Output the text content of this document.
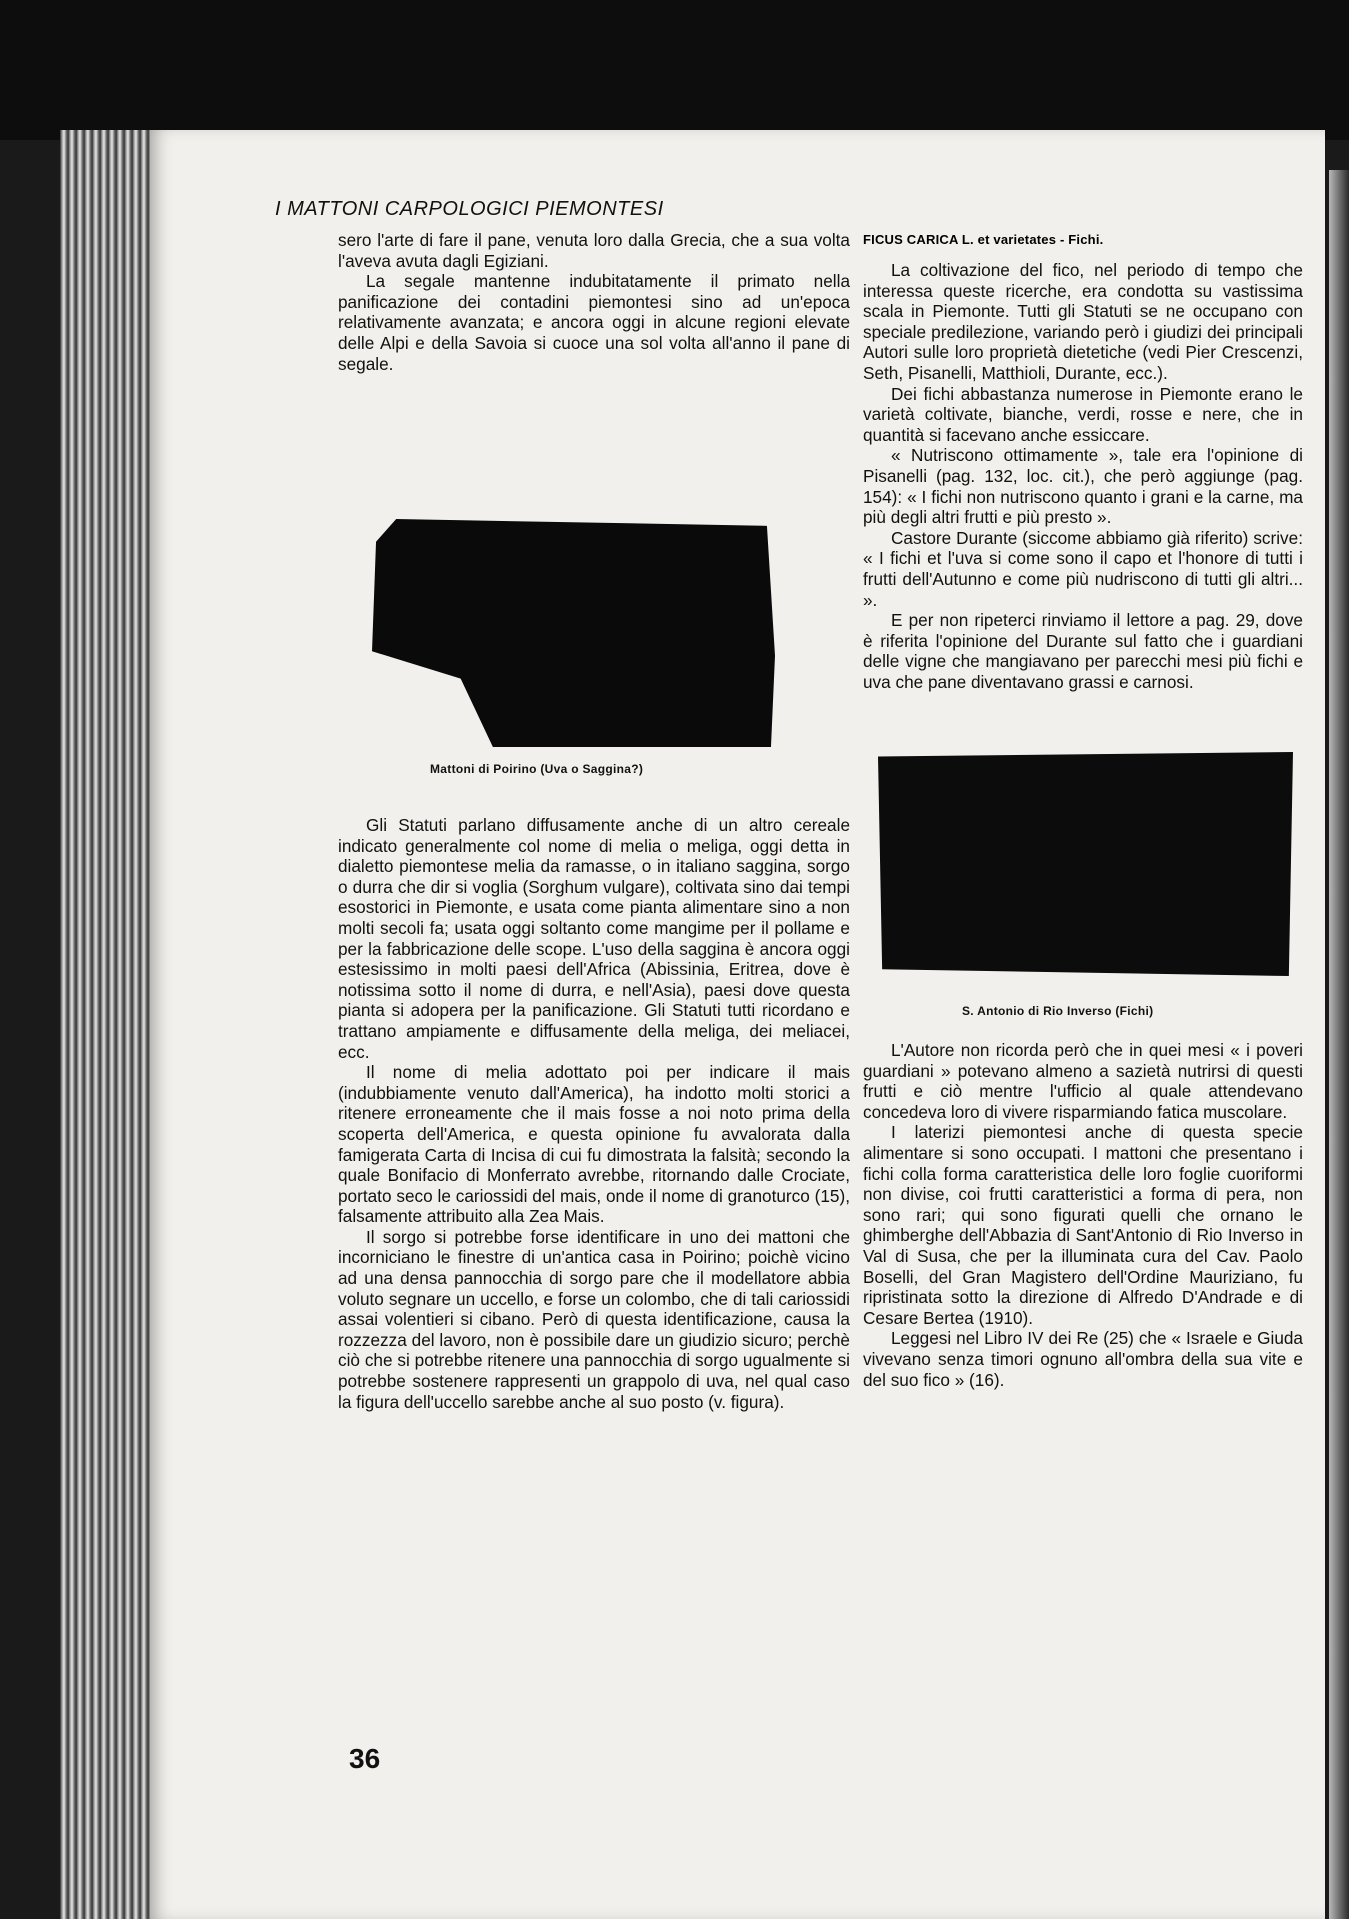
I MATTONI CARPOLOGICI PIEMONTESI

sero l'arte di fare il pane, venuta loro dalla Grecia, che a sua volta l'aveva avuta dagli Egiziani.

La segale mantenne indubitatamente il primato nella panificazione dei contadini piemontesi sino ad un'epoca relativamente avanzata; e ancora oggi in alcune regioni elevate delle Alpi e della Savoia si cuoce una sol volta all'anno il pane di segale.

Mattoni di Poirino (Uva o Saggina?)

Gli Statuti parlano diffusamente anche di un altro cereale indicato generalmente col nome di melia o meliga, oggi detta in dialetto piemontese melia da ramasse, o in italiano saggina, sorgo o durra che dir si voglia (Sorghum vulgare), coltivata sino dai tempi esostorici in Piemonte, e usata come pianta alimentare sino a non molti secoli fa; usata oggi soltanto come mangime per il pollame e per la fabbricazione delle scope. L'uso della saggina è ancora oggi estesissimo in molti paesi dell'Africa (Abissinia, Eritrea, dove è notissima sotto il nome di durra, e nell'Asia), paesi dove questa pianta si adopera per la panificazione. Gli Statuti tutti ricordano e trattano ampiamente e diffusamente della meliga, dei meliacei, ecc.

Il nome di melia adottato poi per indicare il mais (indubbiamente venuto dall'America), ha indotto molti storici a ritenere erroneamente che il mais fosse a noi noto prima della scoperta dell'America, e questa opinione fu avvalorata dalla famigerata Carta di Incisa di cui fu dimostrata la falsità; secondo la quale Bonifacio di Monferrato avrebbe, ritornando dalle Crociate, portato seco le cariossidi del mais, onde il nome di granoturco (15), falsamente attribuito alla Zea Mais.

Il sorgo si potrebbe forse identificare in uno dei mattoni che incorniciano le finestre di un'antica casa in Poirino; poichè vicino ad una densa pannocchia di sorgo pare che il modellatore abbia voluto segnare un uccello, e forse un colombo, che di tali cariossidi assai volentieri si cibano. Però di questa identificazione, causa la rozzezza del lavoro, non è possibile dare un giudizio sicuro; perchè ciò che si potrebbe ritenere una pannocchia di sorgo ugualmente si potrebbe sostenere rappresenti un grappolo di uva, nel qual caso la figura dell'uccello sarebbe anche al suo posto (v. figura).

FICUS CARICA L. et varietates - Fichi.

La coltivazione del fico, nel periodo di tempo che interessa queste ricerche, era condotta su vastissima scala in Piemonte. Tutti gli Statuti se ne occupano con speciale predilezione, variando però i giudizi dei principali Autori sulle loro proprietà dietetiche (vedi Pier Crescenzi, Seth, Pisanelli, Matthioli, Durante, ecc.).

Dei fichi abbastanza numerose in Piemonte erano le varietà coltivate, bianche, verdi, rosse e nere, che in quantità si facevano anche essiccare.

« Nutriscono ottimamente », tale era l'opinione di Pisanelli (pag. 132, loc. cit.), che però aggiunge (pag. 154): « I fichi non nutriscono quanto i grani e la carne, ma più degli altri frutti e più presto ».

Castore Durante (siccome abbiamo già riferito) scrive: « I fichi et l'uva si come sono il capo et l'honore di tutti i frutti dell'Autunno e come più nudriscono di tutti gli altri... ».

E per non ripeterci rinviamo il lettore a pag. 29, dove è riferita l'opinione del Durante sul fatto che i guardiani delle vigne che mangiavano per parecchi mesi più fichi e uva che pane diventavano grassi e carnosi.

S. Antonio di Rio Inverso (Fichi)

L'Autore non ricorda però che in quei mesi « i poveri guardiani » potevano almeno a sazietà nutrirsi di questi frutti e ciò mentre l'ufficio al quale attendevano concedeva loro di vivere risparmiando fatica muscolare.

I laterizi piemontesi anche di questa specie alimentare si sono occupati. I mattoni che presentano i fichi colla forma caratteristica delle loro foglie cuoriformi non divise, coi frutti caratteristici a forma di pera, non sono rari; qui sono figurati quelli che ornano le ghimberghe dell'Abbazia di Sant'Antonio di Rio Inverso in Val di Susa, che per la illuminata cura del Cav. Paolo Boselli, del Gran Magistero dell'Ordine Mauriziano, fu ripristinata sotto la direzione di Alfredo D'Andrade e di Cesare Bertea (1910).

Leggesi nel Libro IV dei Re (25) che « Israele e Giuda vivevano senza timori ognuno all'ombra della sua vite e del suo fico » (16).

36
